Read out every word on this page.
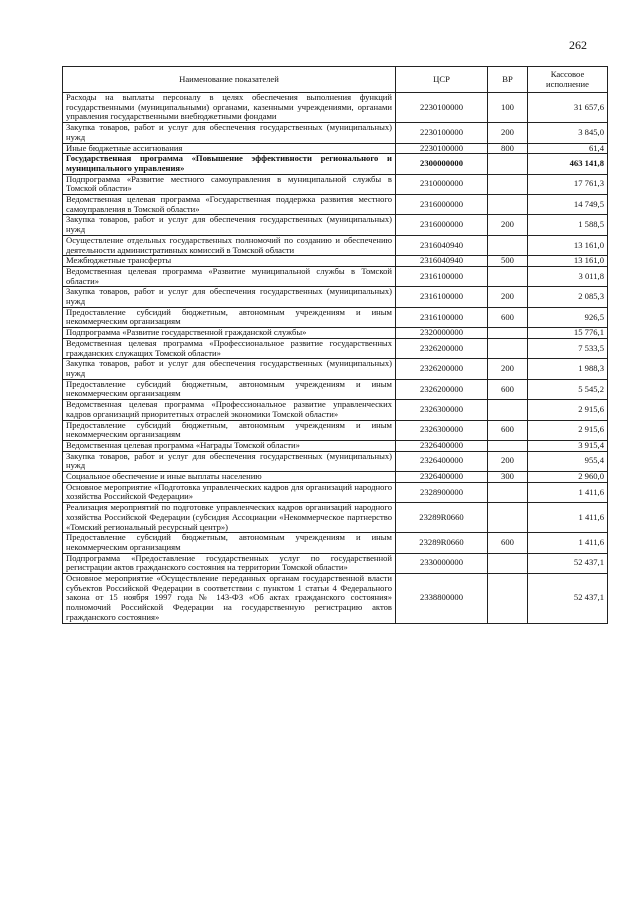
262
Наименование показателей	ЦСР	ВР	Кассовое исполнение
Расходы на выплаты персоналу в целях обеспечения выполнения функций государственными (муниципальными) органами, казенными учреждениями, органами управления государственными внебюджетными фондами	2230100000	100	31 657,6
Закупка товаров, работ и услуг для обеспечения государственных (муниципальных) нужд	2230100000	200	3 845,0
Иные бюджетные ассигнования	2230100000	800	61,4
Государственная программа «Повышение эффективности регионального и муниципального управления»	2300000000		463 141,8
Подпрограмма «Развитие местного самоуправления в муниципальной службы в Томской области»	2310000000		17 761,3
Ведомственная целевая программа «Государственная поддержка развития местного самоуправления в Томской области»	2316000000		14 749,5
Закупка товаров, работ и услуг для обеспечения государственных (муниципальных) нужд	2316000000	200	1 588,5
Осуществление отдельных государственных полномочий по созданию и обеспечению деятельности административных комиссий в Томской области	2316040940		13 161,0
Межбюджетные трансферты	2316040940	500	13 161,0
Ведомственная целевая программа «Развитие муниципальной службы в Томской области»	2316100000		3 011,8
Закупка товаров, работ и услуг для обеспечения государственных (муниципальных) нужд	2316100000	200	2 085,3
Предоставление субсидий бюджетным, автономным учреждениям и иным некоммерческим организациям	2316100000	600	926,5
Подпрограмма «Развитие государственной гражданской службы»	2320000000		15 776,1
Ведомственная целевая программа «Профессиональное развитие государственных гражданских служащих Томской области»	2326200000		7 533,5
Закупка товаров, работ и услуг для обеспечения государственных (муниципальных) нужд	2326200000	200	1 988,3
Предоставление субсидий бюджетным, автономным учреждениям и иным некоммерческим организациям	2326200000	600	5 545,2
Ведомственная целевая программа «Профессиональное развитие управленческих кадров организаций приоритетных отраслей экономики Томской области»	2326300000		2 915,6
Предоставление субсидий бюджетным, автономным учреждениям и иным некоммерческим организациям	2326300000	600	2 915,6
Ведомственная целевая программа «Награды Томской области»	2326400000		3 915,4
Закупка товаров, работ и услуг для обеспечения государственных (муниципальных) нужд	2326400000	200	955,4
Социальное обеспечение и иные выплаты населению	2326400000	300	2 960,0
Основное мероприятие «Подготовка управленческих кадров для организаций народного хозяйства Российской Федерации»	2328900000		1 411,6
Реализация мероприятий по подготовке управленческих кадров организаций народного хозяйства Российской Федерации (субсидия Ассоциации «Некоммерческое партнерство «Томский региональный ресурсный центр»)	23289R0660		1 411,6
Предоставление субсидий бюджетным, автономным учреждениям и иным некоммерческим организациям	23289R0660	600	1 411,6
Подпрограмма «Предоставление государственных услуг по государственной регистрации актов гражданского состояния на территории Томской области»	2330000000		52 437,1
Основное мероприятие «Осуществление переданных органам государственной власти субъектов Российской Федерации в соответствии с пунктом 1 статьи 4 Федерального закона от 15 ноября 1997 года № 143-ФЗ «Об актах гражданского состояния» полномочий Российской Федерации на государственную регистрацию актов гражданского состояния»	2338800000		52 437,1
